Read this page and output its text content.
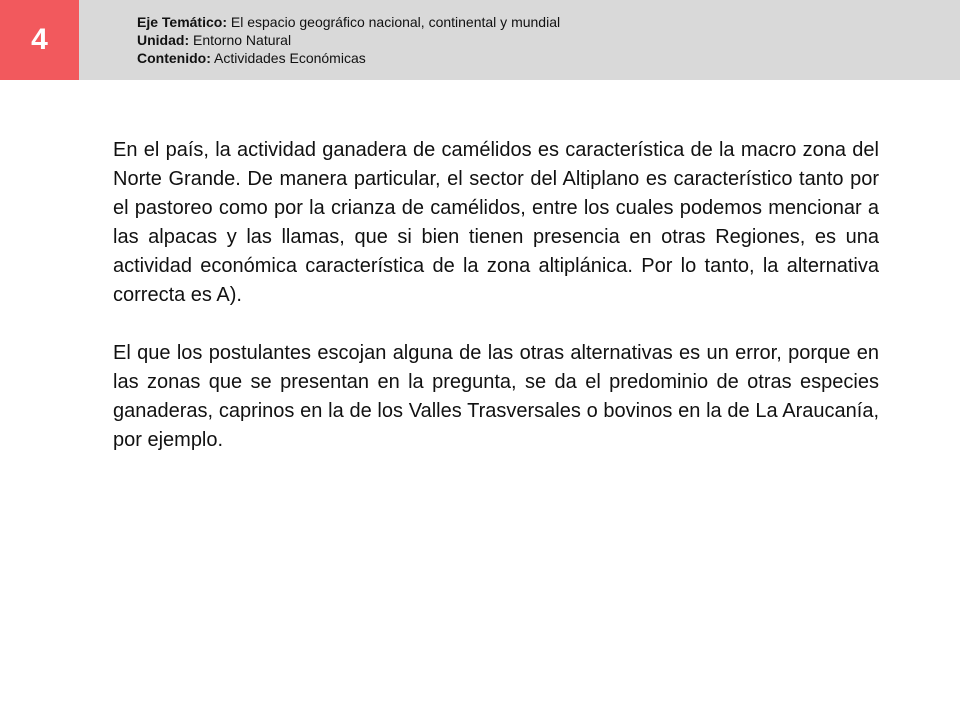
4
Eje Temático: El espacio geográfico nacional, continental y mundial
Unidad: Entorno Natural
Contenido: Actividades Económicas

En el país, la actividad ganadera de camélidos es característica de la macro zona del Norte Grande. De manera particular, el sector del Altiplano es característico tanto por el pastoreo como por la crianza de camélidos, entre los cuales podemos mencionar a las alpacas y las llamas, que si bien tienen presencia en otras Regiones, es una actividad económica característica de la zona altiplánica. Por lo tanto, la alternativa correcta es A).

El que los postulantes escojan alguna de las otras alternativas es un error, porque en las zonas que se presentan en la pregunta, se da el predominio de otras especies ganaderas, caprinos en la de los Valles Trasversales o bovinos en la de La Araucanía, por ejemplo.
